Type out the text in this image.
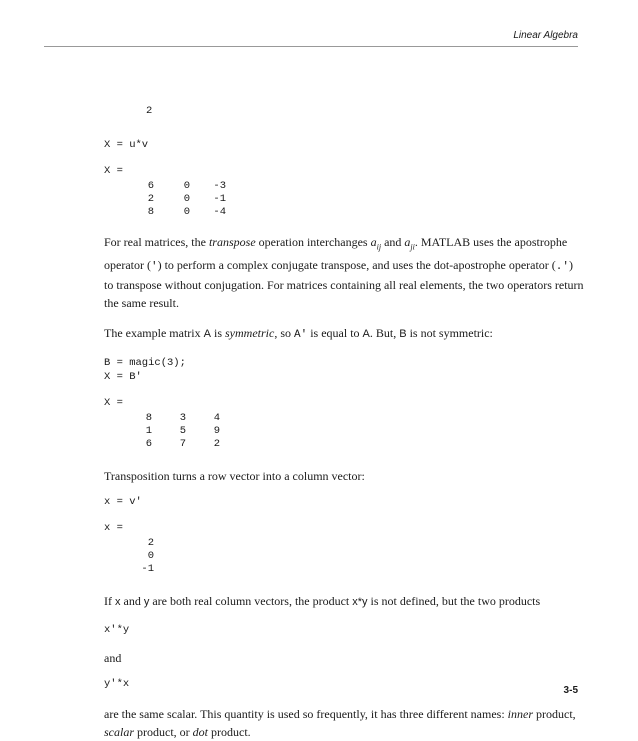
Linear Algebra
2
X = u*v
X =
6	0	-3
2	0	-1
8	0	-4

For real matrices, the transpose operation interchanges $a_{ij}$ and $a_{ji}$. MATLAB uses the apostrophe operator (') to perform a complex conjugate transpose, and uses the dot-apostrophe operator (.') to transpose without conjugation. For matrices containing all real elements, the two operators return the same result.

The example matrix A is symmetric, so A' is equal to A. But, B is not symmetric:

B = magic(3);
X = B'
X =
8	3	4
1	5	9
6	7	2

Transposition turns a row vector into a column vector:

x = v'
x =
2
0
-1

If x and y are both real column vectors, the product x*y is not defined, but the two products

x'*y

and

y'*x

are the same scalar. This quantity is used so frequently, it has three different names: inner product, scalar product, or dot product.

3-5
